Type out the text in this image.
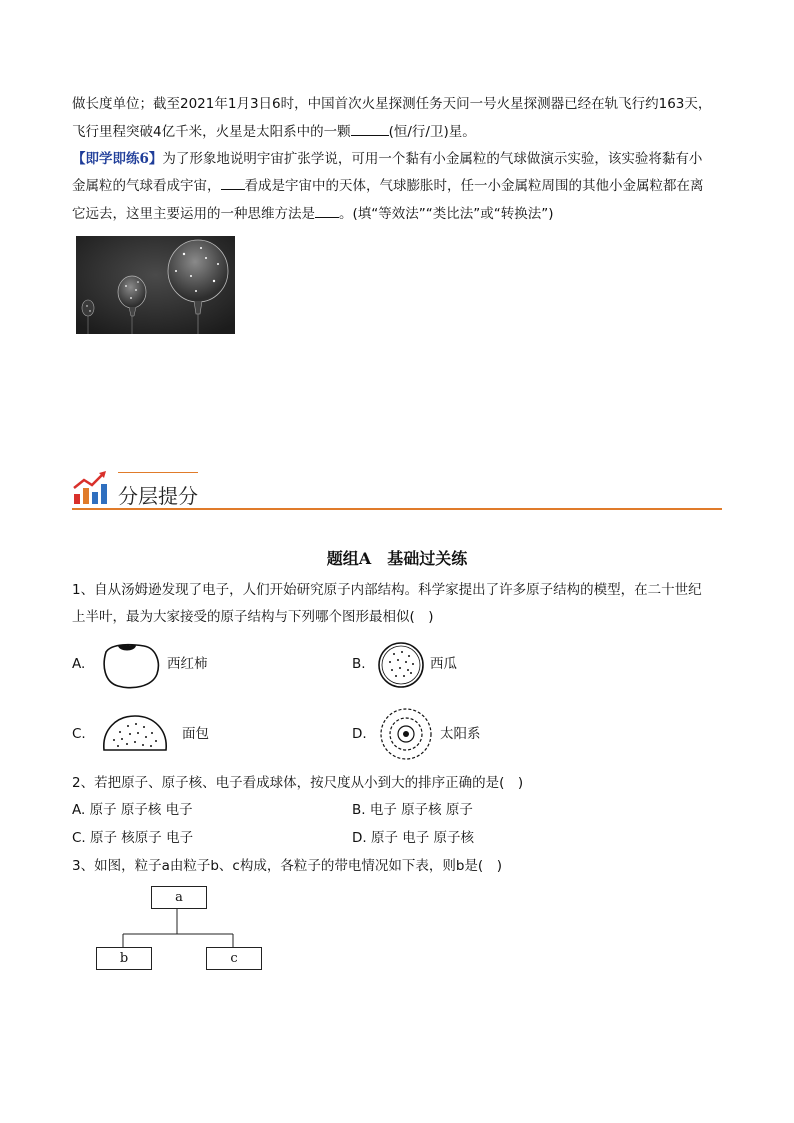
做长度单位；截至2021年1月3日6时，中国首次火星探测任务天问一号火星探测器已经在轨飞行约163天，
飞行里程突破4亿千米，火星是太阳系中的一颗	(恒/行/卫)星。
【即学即练6】为了形象地说明宇宙扩张学说，可用一个黏有小金属粒的气球做演示实验，该实验将黏有小
金属粒的气球看成宇宙， 看成是宇宙中的天体，气球膨胀时，任一小金属粒周围的其他小金属粒都在离
它远去，这里主要运用的一种思维方法是 。(填“等效法”“类比法”或“转换法”)
分层提分
题组A　基础过关练
1、自从汤姆逊发现了电子，人们开始研究原子内部结构。科学家提出了许多原子结构的模型，在二十世纪
上半叶，最为大家接受的原子结构与下列哪个图形最相似(　)
A.	西红柿	B.	西瓜
C.	面包	D.	太阳系
2、若把原子、原子核、电子看成球体，按尺度从小到大的排序正确的是(　)
A. 原子 原子核 电子	B. 电子 原子核 原子
C. 原子 核原子 电子	D. 原子 电子 原子核
3、如图，粒子a由粒子b、c构成，各粒子的带电情况如下表，则b是(　)
a
b	c
